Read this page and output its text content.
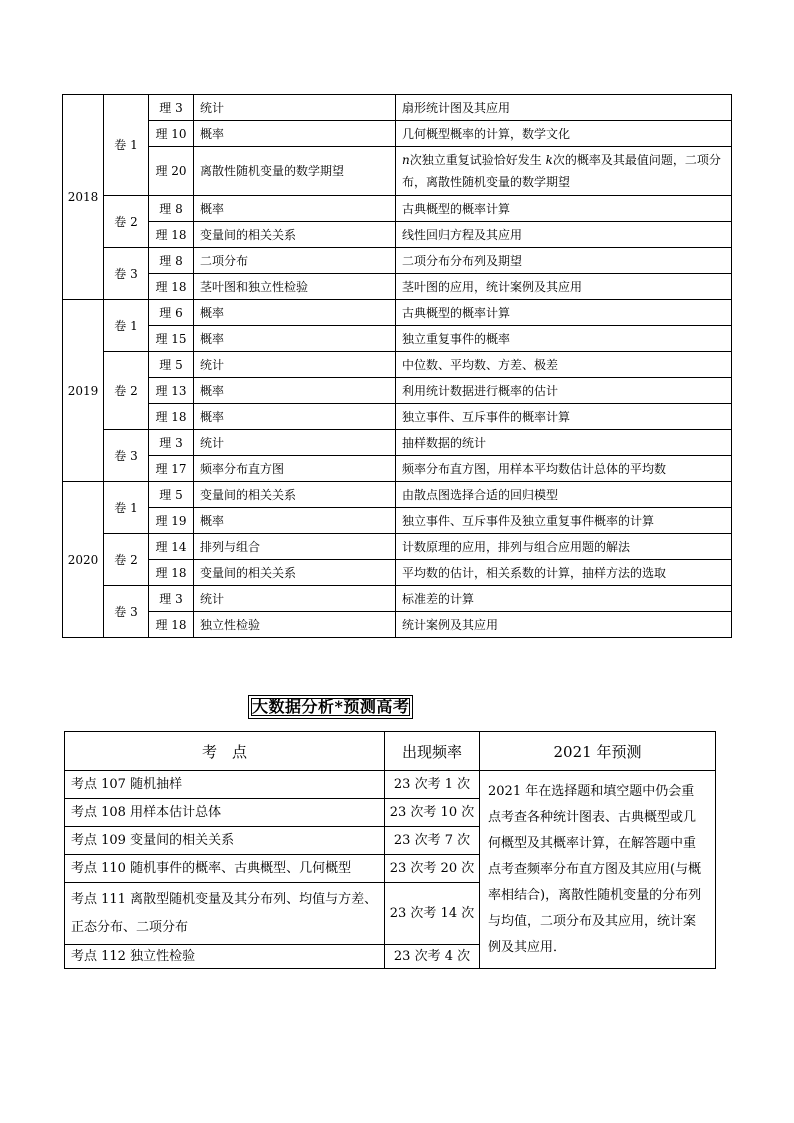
2018	卷 1	理 3	统计	扇形统计图及其应用
		理 10	概率	几何概型概率的计算，数学文化
		理 20	离散性随机变量的数学期望	n次独立重复试验恰好发生 k次的概率及其最值问题，二项分布，离散性随机变量的数学期望
	卷 2	理 8	概率	古典概型的概率计算
		理 18	变量间的相关关系	线性回归方程及其应用
	卷 3	理 8	二项分布	二项分布分布列及期望
		理 18	茎叶图和独立性检验	茎叶图的应用，统计案例及其应用
2019	卷 1	理 6	概率	古典概型的概率计算
		理 15	概率	独立重复事件的概率
	卷 2	理 5	统计	中位数、平均数、方差、极差
		理 13	概率	利用统计数据进行概率的估计
		理 18	概率	独立事件、互斥事件的概率计算
	卷 3	理 3	统计	抽样数据的统计
		理 17	频率分布直方图	频率分布直方图，用样本平均数估计总体的平均数
2020	卷 1	理 5	变量间的相关关系	由散点图选择合适的回归模型
		理 19	概率	独立事件、互斥事件及独立重复事件概率的计算
	卷 2	理 14	排列与组合	计数原理的应用，排列与组合应用题的解法
		理 18	变量间的相关关系	平均数的估计，相关系数的计算，抽样方法的选取
	卷 3	理 3	统计	标准差的计算
		理 18	独立性检验	统计案例及其应用
大数据分析*预测高考
考　点	出现频率	2021 年预测
考点 107 随机抽样	23 次考 1 次	2021 年在选择题和填空题中仍会重点考查各种统计图表、古典概型或几何概型及其概率计算，在解答题中重点考查频率分布直方图及其应用(与概率相结合)，离散性随机变量的分布列与均值，二项分布及其应用，统计案例及其应用．
考点 108 用样本估计总体	23 次考 10 次	
考点 109 变量间的相关关系	23 次考 7 次	
考点 110 随机事件的概率、古典概型、几何概型	23 次考 20 次	
考点 111 离散型随机变量及其分布列、均值与方差、正态分布、二项分布	23 次考 14 次	
考点 112 独立性检验	23 次考 4 次	
